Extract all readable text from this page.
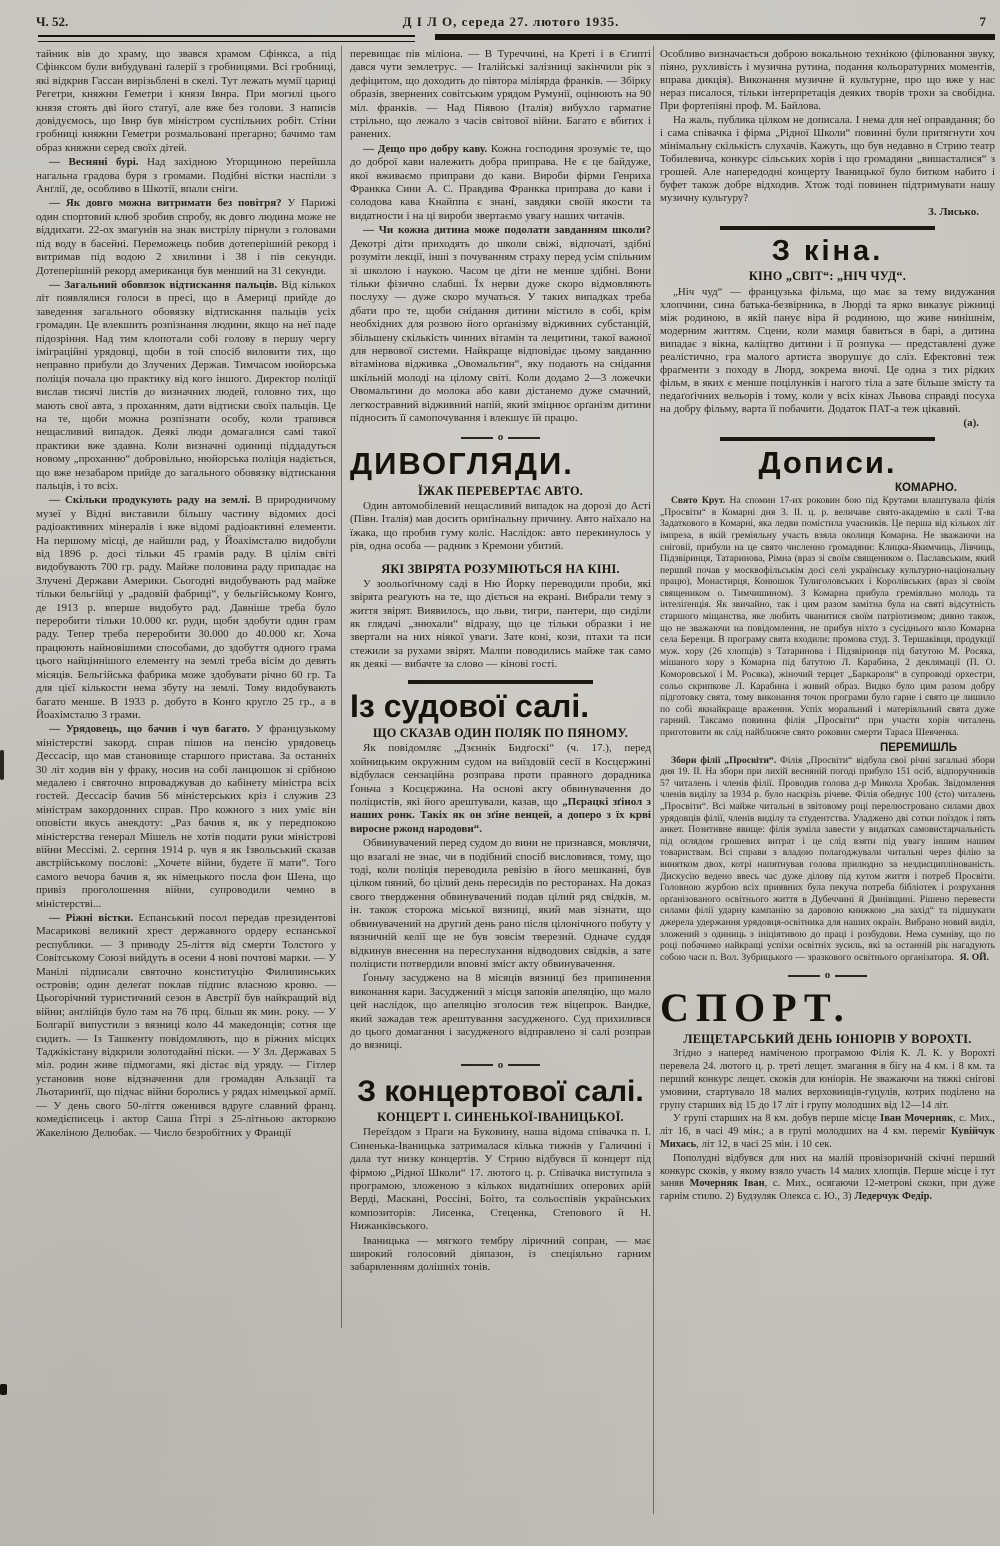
Ч. 52.	Д І Л О, середа 27. лютого 1935.	7

тайник вів до храму, що звався храмом Сфінкса, а під Сфінксом були вибудувані ґалерії з гробницями. Всі гробниці, які відкрив Гассан вирізьблені в скелі. Тут лежать мумії цариці Регетри, княжни Геметри і князя Івнра. При могилі цього князя стоять дві його статуї, але вже без голови. З написів довідуємось, що Івнр був міністром суспільних робіт. Стіни гробниці княжни Геметри розмальовані прегарно; бачимо там образ княжни серед своїх дітей.

— Весняні бурі. Над західною Угорщиною перейшла нагальна градова буря з громами. Подібні вістки наспіли з Анґлії, де, особливо в Шкотії, впали сніги.

— Як довго можна витримати без повітря? У Парижі один спортовий клюб зробив спробу, як довго людина може не віддихати. 22-ох змагунів на знак вистрілу пірнули з головами під воду в басейні. Переможець побив дотеперішній рекорд і витримав під водою 2 хвилини і 38 і пів секунди. Дотеперішній рекорд американця був менший на 31 секунди.

— Загальний обовязок відтискання пальців. Від кількох літ появлялися голоси в пресі, що в Америці прийде до заведення загального обовязку відтискання пальців усіх громадян. Це влекшить розпізнання людини, якщо на неї паде підозріння. Над тим клопотали собі голову в першу чергу іміграційні урядовці, щоби в той спосіб виловити тих, що неправно прибули до Злучених Держав. Тимчасом нюйорська поліція почала цю практику від кого іншого. Директор поліції вислав тисячі листів до визначних людей, головно тих, що мають свої авта, з проханням, дати відтиски своїх пальців. Це на те, щоби можна розпізнати особу, коли трапився нещасливий випадок. Деякі люди домагалися самі такої практики вже здавна. Коли визначні одиниці піддадуться новому „проханню“ добровільно, нюйорська поліція надіється, що вже незабаром прийде до загального обовязку відтискання пальців, і то всіх.

— Скільки продукують раду на землі. В природничому музеї у Відні виставили більшу частину відомих досі радіоактивних мінералів і вже відомі радіоактивні елементи. На першому місці, де найшли рад, у Йоахімсталю видобули від 1896 р. досі тільки 45 грамів раду. В цілім світі видобувають 700 гр. раду. Майже половина раду припадає на Злучені Держави Америки. Сьогодні видобувають рад майже тільки бельгійці у „радовій фабриці“, у бельгійському Конго, де 1913 р. вперше видобуто рад. Давніше треба було переробити тільки 10.000 кг. руди, щоби здобути один грам раду. Тепер треба переробити 30.000 до 40.000 кг. Хоча працюють найновішими способами, до здобуття одного грама цього найціннішого елементу на землі треба вісім до девять місяців. Бельгійська фабрика може здобувати річно 60 гр. Та для цієї кількости нема збуту на землі. Тому видобувають багато менше. В 1933 р. добуто в Конго кругло 25 гр., а в Йоахімсталю 3 грами.

— Урядовець, що бачив і чув багато. У французькому міністерстві закорд. справ пішов на пенсію урядовець Дессасір, що мав становище старшого пристава. За останніх 30 літ ходив він у фраку, носив на собі ланцюшок зі срібною медалею і святочно впроваджував до кабінету міністра всіх гостей. Дессасір бачив 56 міністерських кріз і служив 23 міністрам закордонних справ. Про кожного з них уміє він оповісти якусь анекдоту: „Раз бачив я, як у передпокою міністерства генерал Мішель не хотів подати руки міністрові війни Мессімі. 2. серпня 1914 р. чув я як Ізвольський сказав австрійському послові: „Хочете війни, будете її мати“. Того самого вечора бачив я, як німецького посла фон Шена, що привіз проголошення війни, супроводили чемно в міністерстві...

— Ріжні вістки. Еспанський посол передав президентові Масарикові великий хрест державного ордеру еспанської республики. — З приводу 25-ліття від смерти Толстого у Совітському Союзі вийдуть в осени 4 нові почтові марки. — У Манілі підписали святочно конституцію Филипинських островів; один делеґат поклав підпис власною кровю. — Цьогорічний туристичний сезон в Австрії був найкращий від війни; анґлійців було там на 76 прц. більш як мин. року. — У Болгарії випустили з вязниці коло 44 македонців; сотня ще сидить. — Із Ташкенту повідомляють, що в ріжних місцях Таджікістану відкрили золотодайні піски. — У Зл. Державах 5 міл. родин живе підмогами, які дістає від уряду. — Гітлер установив нове відзначення для громадян Альзації та Льотаринґії, що підчас війни боролись у рядах німецької армії. — У день свого 50-ліття оженився вдруге славний франц. комедієписець і актор Саша Ґітрі з 25-літньою акторкою Жакеліною Делюбак. — Число безробітних у Франції

перевищає пів міліона. — В Туреччині, на Креті і в Єгипті дався чути землетрус. — Італійські залізниці закінчили рік з дефіцитом, що доходить до півтора міліярда франків. — Збірку образів, звернених совітським урядом Румунії, оцінюють на 90 міл. франків. — Над Піявою (Італія) вибухло гарматне стрільно, що лежало з часів світової війни. Багато є вбитих і ранених.

— Дещо про добру каву. Кожна господиня зрозуміє те, що до доброї кави належить добра приправа. Не є це байдуже, якої вживаємо приправи до кави. Вироби фірми Генриха Франкка Сини А. С. Правдива Франкка приправа до кави і солодова кава Кнайппа є знані, завдяки своїй якости та видатности і на ці вироби звертаємо увагу наших читачів.

— Чи кожна дитина може подолати завданням школи? Декотрі діти приходять до школи свіжі, відпочаті, здібні розуміти лекції, інші з почуванням страху перед усім спільним зі школою і наукою. Часом це діти не менше здібні. Вони тільки фізично слабші. Їх нерви дуже скоро відмовляють послуху — дуже скоро мучаться. У таких випадках треба дбати про те, щоби снідання дитини містило в собі, крім необхідних для розвою його орґанізму відживних субстанцій, збільшену скількість чинних вітамін та лецитини, такої важної для нервової системи. Найкраще відповідає цьому завданню вітамінова відживка „Овомальтин“, яку подають на снідання шкільній молоді на цілому світі. Коли додамо 2—3 ложечки Овомальтини до молока або кави дістанемо дуже смачний, легкостравний відживний напій, який зміцнює орґанізм дитини підносить її самопочування і влекшує їй працю.

о
ДИВОГЛЯДИ.
ЇЖАК ПЕРЕВЕРТАЄ АВТО.

Один автомобілевий нещасливий випадок на дорозі до Асті (Півн. Італія) мав досить ориґінальну причину. Авто наїхало на їжака, що пробив гуму коліс. Наслідок: авто перекинулось у рів, одна особа — радник з Кремони убитий.

ЯКІ ЗВІРЯТА РОЗУМІЮТЬСЯ НА КІНІ.

У зоольоґічному саді в Ню Йорку переводили проби, які звірята реаґують на те, що діється на екрані. Вибрали тему з життя звірят. Виявилось, що льви, тигри, пантери, що сиділи як глядачі „знюхали“ відразу, що це тільки образки і не звертали на них ніякої уваги. Зате коні, кози, птахи та пси стежили за рухами звірят. Малпи поводились майже так само як деякі — вибачте за слово — кінові гості.

Із судової салі.
ЩО СКАЗАВ ОДИН ПОЛЯК ПО ПЯНОМУ.

Як повідомляє „Дзєннік Бидґоскі“ (ч. 17.), перед хойницьким окружним судом на виїздовій сесії в Косцєржині відбулася сензаційна розправа проти правного дорадника Ґоньча з Косцєржина. На основі акту обвинувачення до поліцистів, які його арештували, казав, що „Пєрацкі зґінол з наших ронк. Такіх як он зґіне венцей, а доперо з їх крві виросне ржонд народови“.

Обвинувачений перед судом до вини не признався, мовлячи, що взагалі не знає, чи в подібний спосіб висловився, тому, що тоді, коли поліція переводила ревізію в його мешканні, був цілком пяний, бо цілий день пересидів по ресторанах. На доказ свого твердження обвинувачений подав цілий ряд свідків, м. ін. також сторожа міської вязниці, який мав зізнати, що обвинувачений на другий день рано після цілонічного побуту у вязничній келії ще не був зовсім тверезий. Одначе суддя відкинув внесення на переслухання відводових свідків, а зате поліцисти потвердили вповні зміст акту обвинувачення.

Ґоньчу засуджено на 8 місяців вязниці без припинення виконання кари. Засуджений з місця заповів апеляцію, що мало цей наслідок, що апеляцію зголосив теж віцепрок. Вандке, який зажадав теж арештування засудженого. Суд прихилився до цього домагання і засудженого відправлено зі салі розправ до вязниці.

о
З концертової салі.
КОНЦЕРТ І. СИНЕНЬКОЇ-ІВАНИЦЬКОЇ.

Переїздом з Праги на Буковину, наша відома співачка п. І. Синенька-Іваницька затрималася кілька тижнів у Галичині і дала тут низку концертів. У Стрию відбувся її концерт під фірмою „Рідної Школи“ 17. лютого ц. р. Співачка виступила з програмою, зложеною з кількох видатніших оперових арій Верді, Маскані, Россіні, Боіто, та сольоспівів українських композиторів: Лисенка, Стеценка, Степового й Н. Нижанківського.

Іваницька — мягкого тембру ліричний сопран, — має широкий голосовий діяпазон, із спеціяльно гарним забарвленням долішніх тонів.

Особливо визначається доброю вокальною технікою (філювання звуку, піяно, рухливість і музична рутина, подання кольоратурних моментів, вправа дикція). Виконання музичне й культурне, про що вже у нас нераз писалося, тільки інтерпретація деяких творів трохи за свобідна. При фортепіяні проф. М. Байлова.

На жаль, публика цілком не дописала. І нема для неї оправдання; бо і сама співачка і фірма „Рідної Школи“ повинні були притягнути хоч мінімальну скількість слухачів. Кажуть, що був недавно в Стрию театр Тобилевича, конкурс сільських хорів і що громадяни „вишасталися“ з грошей. Але напередодні концерту Іваницької було битком набито і буфет також добре відходив. Хтож тоді повинен підтримувати нашу музичну культуру?

З. Лисько.
З кіна.
КІНО „СВІТ“: „НІЧ ЧУД“.

„Ніч чуд“ — французька фільма, що має за тему видужання хлопчини, сина батька-безвірника, в Люрді та ярко виказує ріжниці між родиною, в якій панує віра й родиною, що живе нинішнім, модерним життям. Сцени, коли мамця бавиться в барі, а дитина випадає з вікна, каліцтво дитини і її розпука — представлені дуже реалістично, гра малого артиста зворушує до сліз. Ефектовні теж фраґменти з походу в Люрд, зокрема вночі. Це одна з тих рідких фільм, в яких є менше поцілунків і нагого тіла а зате більше змісту та педаґоґічних вельорів і тому, коли у всіх кінах Львова справді посуха на добру фільму, варта її побачити. Додаток ПАТ-а теж цікавий.

(а).
Дописи.
КОМАРНО.

Свято Крут. На спомин 17-их роковин бою під Крутами влаштувала філія „Просвіти“ в Комарні дня 3. II. ц. р. величаве свято-академію в салі Т-ва Задаткового в Комарні, яка ледви помістила учасників. Це перша від кількох літ імпреза, в якій греміяльну участь взяла околиця Комарна. Не зважаючи на сніговії, прибули на це свято численно громадяни: Клицка-Якимчиць, Лівчиць, Підзвіринця, Татаринова, Рімна (враз зі своїм священиком о. Паславським, який перший почав у москвофільськім досі селі українську культурно-національну працю), Монастирця, Конюшок Тулиголовських і Королівських (враз зі своїм священиком о. Тимчишином). З Комарна прибула греміяльно молодь та інтеліґенція. Як звичайно, так і цим разом замітна була на святі відсутність старшого міщанства, яке любить чванитися своїм патріотизмом; дивно також, що не зважаючи на повідомлення, не прибув ніхто з сусіднього коло Комарна села Березця. В програму свята входили: промова студ. З. Тершаківця, продукції муж. хору (26 хлопців) з Татаринова і Підзвіринця під батутою М. Росяка, мішаного хору з Комарна під батутою Л. Карабина, 2 деклямації (П. О. Коморовської і М. Росяка), жіночий терцет „Баркароля“ в супроводі орхестри, сольо скрипкове Л. Карабина і живий образ. Видко було цим разом добру підготовку свята, тому виконання точок програми було гарне і свято це лишило по собі якнайкраще враження. Успіх моральний і матеріяльний свята дуже гарний. Таксамо повинна філія „Просвіти“ при участи хорів читалень приготовити як слід найближче свято роковин смерти Тараса Шевченка.

ПЕРЕМИШЛЬ

Збори філії „Просвіти“. Філія „Просвіти“ відбула свої річні загальні збори дня 19. II. На збори при лихій весняній погоді прибуло 151 осіб, відпоручників 57 читалень і членів філії. Проводив голова д-р Микола Хробак. Звідомлення членів виділу за 1934 р. було наскрізь річеве. Філія обеднує 100 (сто) читалень „Просвіти“. Всі майже читальні в звітовому році перелюстровано силами двох урядовців філії, членів виділу та студентства. Уладжено дві сотки поїздок і пять анкет. Позитивне явище: філія зуміла завести у видатках самовистарчальність під оглядом грошевих витрат і це слід взяти під увагу іншим нашим товариствам. Всі справи з владою полагоджували читальні через філію за винятком двох, котрі напятнував голова прилюдно за нездисциплінованість. Дискусію ведено ввесь час дуже ділову під кутом життя і потреб Просвіти. Головною журбою всіх приявних була пекуча потреба бібліотек і розрухання орґанізованого освітнього життя в Дубеччині й Динівщині. Рішено перевести силами філії ударну кампанію за даровою книжкою „на захід“ та підшукати джерела удержання урядовця-освітника для наших окраїн. Вибрано новий виділ, зложений з одиниць з ініціятивою до праці і розбудови. Нема сумніву, що по році побачимо найкращі успіхи освітніх зусиль, які за останній рік нагадують собою часи п. Вол. Зубрицького — зразкового освітнього організатора. Я. ОЙ.

о
СПОРТ.
ЛЕЩЕТАРСЬКИЙ ДЕНЬ ЮНІОРІВ У ВОРОХТІ.

Згідно з наперед наміченою програмою Філія К. Л. К. у Ворохті перевела 24. лютого ц. р. треті лещет. змагання в бігу на 4 км. і 8 км. та перший конкурс лещет. скоків для юніорів. Не зважаючи на тяжкі снігові умовини, стартувало 18 малих верховинців-гуцулів, котрих поділено на групу старших від 15 до 17 літ і групу молодших від 12—14 літ.

У групі старших на 8 км. добув перше місце Іван Мочерняк, с. Мих., літ 16, в часі 49 мін.; а в групі молодших на 4 км. переміг Кувійчук Михась, літ 12, в часі 25 мін. і 10 сек.

Пополудні відбувся для них на малій провізоричній скічні перший конкурс скоків, у якому взяло участь 14 малих хлопців. Перше місце і тут заняв Мочерняк Іван, с. Мих., осягаючи 12-метрові скоки, при дуже гарнім стилю. 2) Будзуляк Олекса с. Ю., 3) Ледерчук Федір.
